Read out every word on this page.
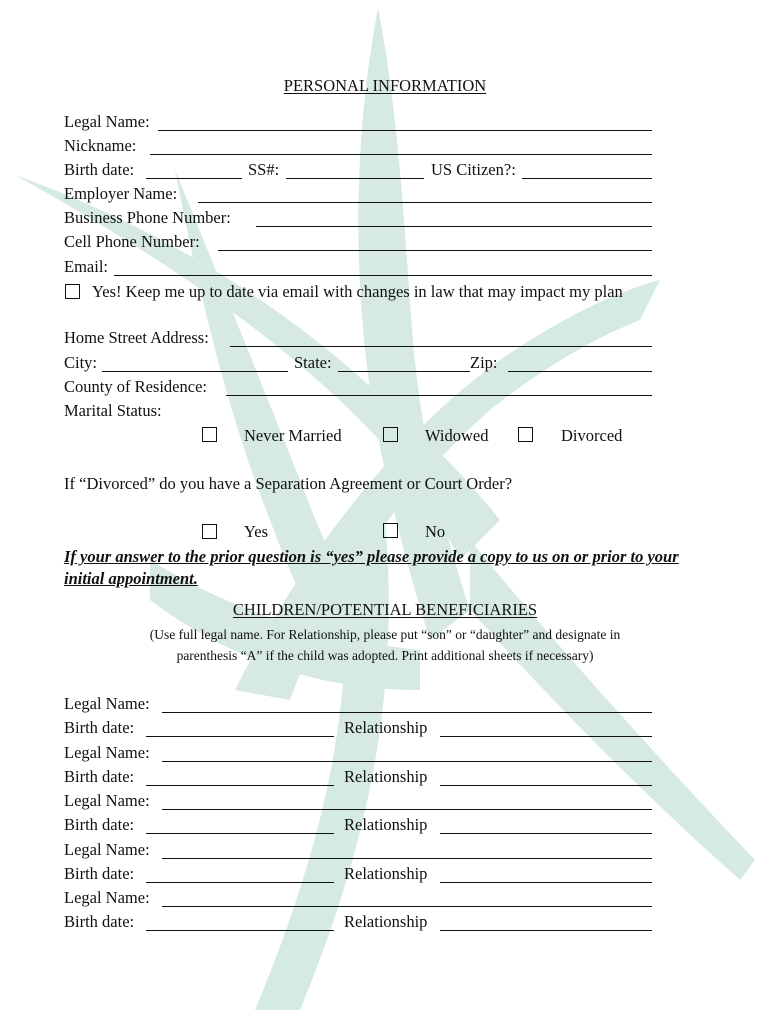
PERSONAL INFORMATION
Legal Name:
Nickname:
Birth date:	SS#:	US Citizen?:
Employer Name:
Business Phone Number:
Cell Phone Number:
Email:
Yes! Keep me up to date via email with changes in law that may impact my plan
Home Street Address:
City:	State:	Zip:
County of Residence:
Marital Status:
Never Married	Widowed	Divorced
If “Divorced” do you have a Separation Agreement or Court Order?
Yes	No
If your answer to the prior question is “yes” please provide a copy to us on or prior to your initial appointment.
CHILDREN/POTENTIAL BENEFICIARIES
(Use full legal name. For Relationship, please put “son” or “daughter” and designate in
parenthesis “A” if the child was adopted. Print additional sheets if necessary)
Legal Name:
Birth date:	Relationship
Legal Name:
Birth date:	Relationship
Legal Name:
Birth date:	Relationship
Legal Name:
Birth date:	Relationship
Legal Name:
Birth date:	Relationship
